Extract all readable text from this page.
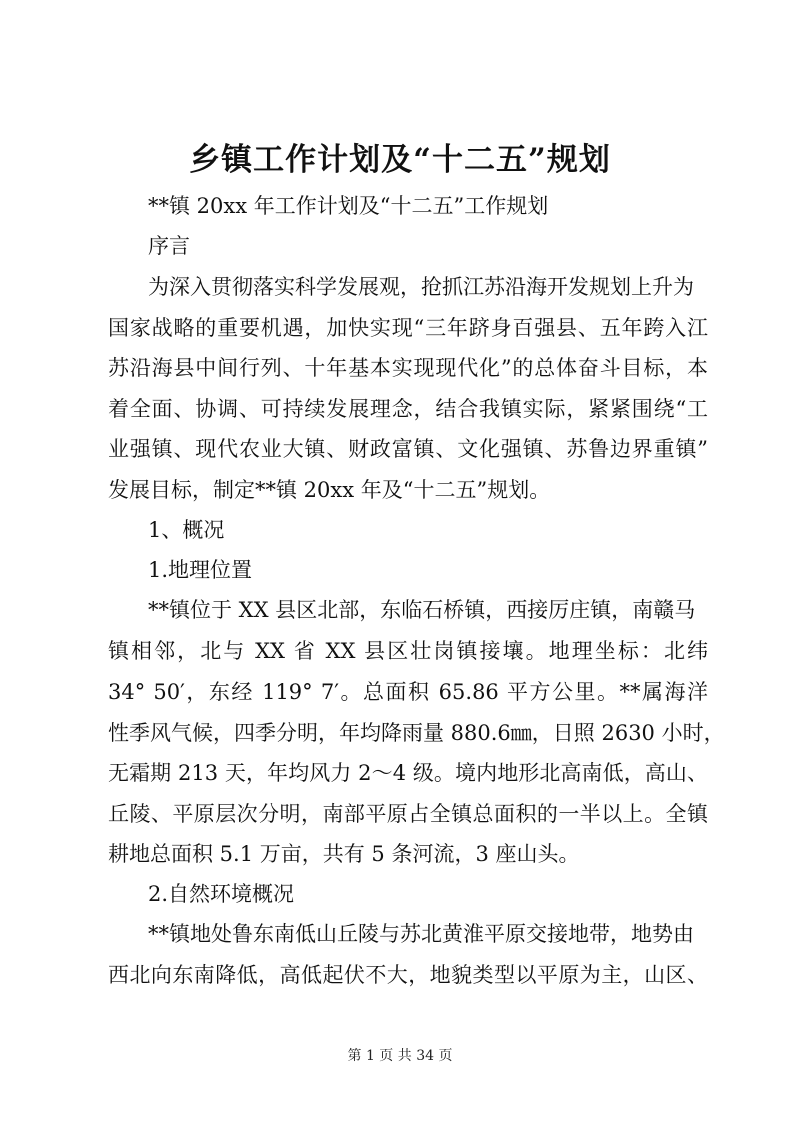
乡镇工作计划及“十二五”规划
**镇 20xx 年工作计划及“十二五”工作规划
序言
为深入贯彻落实科学发展观，抢抓江苏沿海开发规划上升为
国家战略的重要机遇，加快实现“三年跻身百强县、五年跨入江
苏沿海县中间行列、十年基本实现现代化”的总体奋斗目标，本
着全面、协调、可持续发展理念，结合我镇实际，紧紧围绕“工
业强镇、现代农业大镇、财政富镇、文化强镇、苏鲁边界重镇”
发展目标，制定**镇 20xx 年及“十二五”规划。
1、概况
1.地理位置
**镇位于 XX 县区北部，东临石桥镇，西接厉庄镇，南赣马
镇相邻，北与 XX 省 XX 县区壮岗镇接壤。地理坐标：北纬
34° 50′，东经 119° 7′。总面积 65.86 平方公里。**属海洋
性季风气候，四季分明，年均降雨量 880.6㎜，日照 2630 小时，
无霜期 213 天，年均风力 2～4 级。境内地形北高南低，高山、
丘陵、平原层次分明，南部平原占全镇总面积的一半以上。全镇
耕地总面积 5.1 万亩，共有 5 条河流，3 座山头。
2.自然环境概况
**镇地处鲁东南低山丘陵与苏北黄淮平原交接地带，地势由
西北向东南降低，高低起伏不大，地貌类型以平原为主，山区、
第 1 页 共 34 页
